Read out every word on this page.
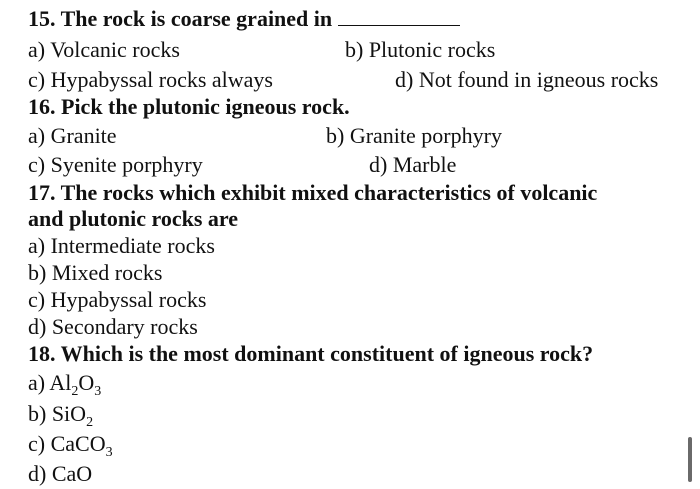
15. The rock is coarse grained in
a) Volcanic rocks	b) Plutonic rocks
c) Hypabyssal rocks always	d) Not found in igneous rocks
16. Pick the plutonic igneous rock.
a) Granite	b) Granite porphyry
c) Syenite porphyry	d) Marble
17. The rocks which exhibit mixed characteristics of volcanic
and plutonic rocks are
a) Intermediate rocks
b) Mixed rocks
c) Hypabyssal rocks
d) Secondary rocks
18. Which is the most dominant constituent of igneous rock?
a) $Al_2O_3$
b) SiO$_2$
c) CaCO$_3$
d) CaO
